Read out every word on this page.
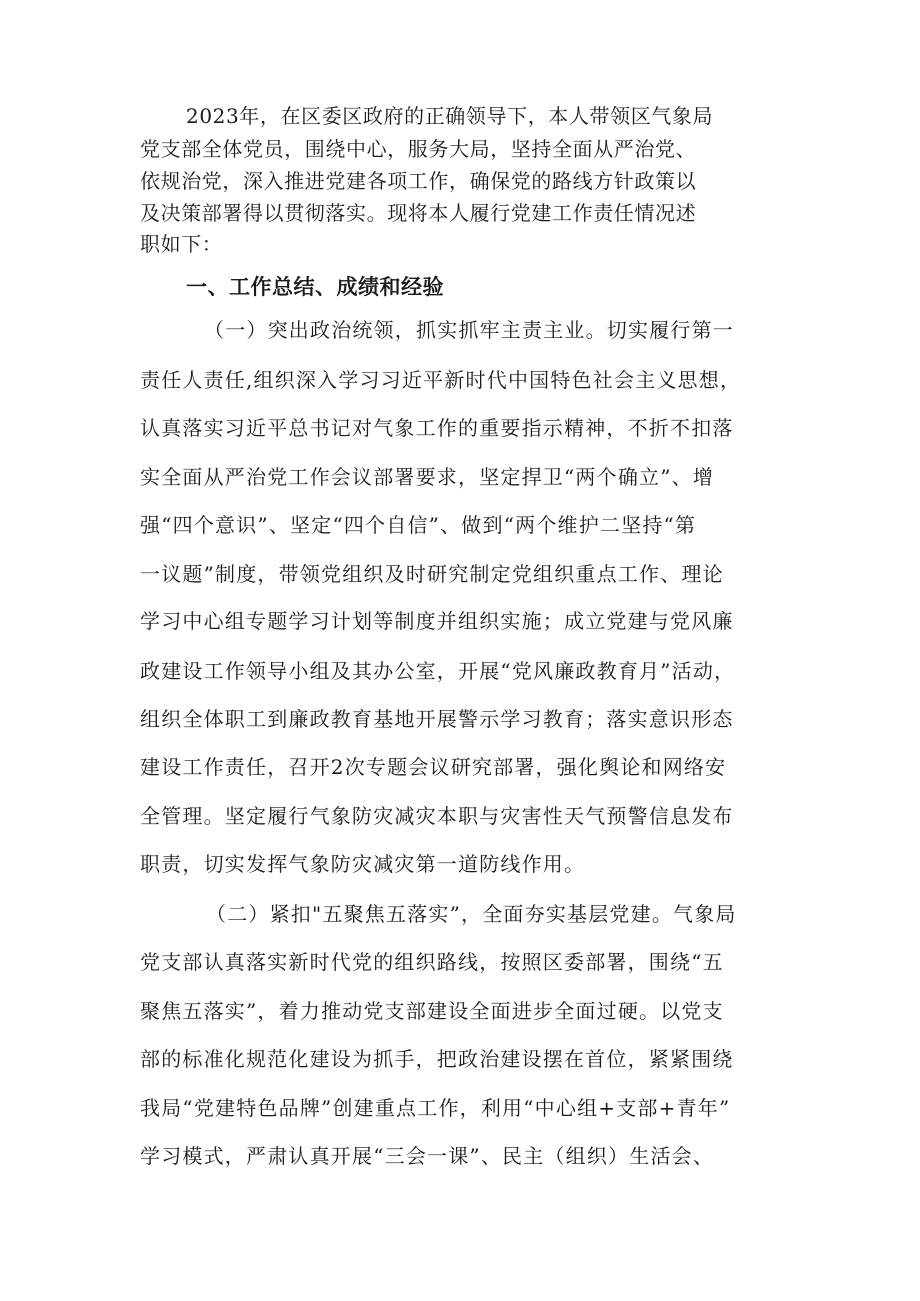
2023年，在区委区政府的正确领导下，本人带领区气象局
党支部全体党员，围绕中心，服务大局，坚持全面从严治党、
依规治党，深入推进党建各项工作，确保党的路线方针政策以
及决策部署得以贯彻落实。现将本人履行党建工作责任情况述
职如下：
一、工作总结、成绩和经验
（一）突出政治统领，抓实抓牢主责主业。切实履行第一
责任人责任,组织深入学习习近平新时代中国特色社会主义思想，
认真落实习近平总书记对气象工作的重要指示精神，不折不扣落
实全面从严治党工作会议部署要求，坚定捍卫“两个确立”、增
强“四个意识”、坚定“四个自信”、做到“两个维护二坚持“第
一议题”制度，带领党组织及时研究制定党组织重点工作、理论
学习中心组专题学习计划等制度并组织实施；成立党建与党风廉
政建设工作领导小组及其办公室，开展“党风廉政教育月”活动，
组织全体职工到廉政教育基地开展警示学习教育；落实意识形态
建设工作责任，召开2次专题会议研究部署，强化舆论和网络安
全管理。坚定履行气象防灾减灾本职与灾害性天气预警信息发布
职责，切实发挥气象防灾减灾第一道防线作用。
（二）紧扣"五聚焦五落实”，全面夯实基层党建。气象局
党支部认真落实新时代党的组织路线，按照区委部署，围绕“五
聚焦五落实”，着力推动党支部建设全面进步全面过硬。以党支
部的标准化规范化建设为抓手，把政治建设摆在首位，紧紧围绕
我局“党建特色品牌”创建重点工作，利用“中心组+支部+青年”
学习模式，严肃认真开展“三会一课”、民主（组织）生活会、
